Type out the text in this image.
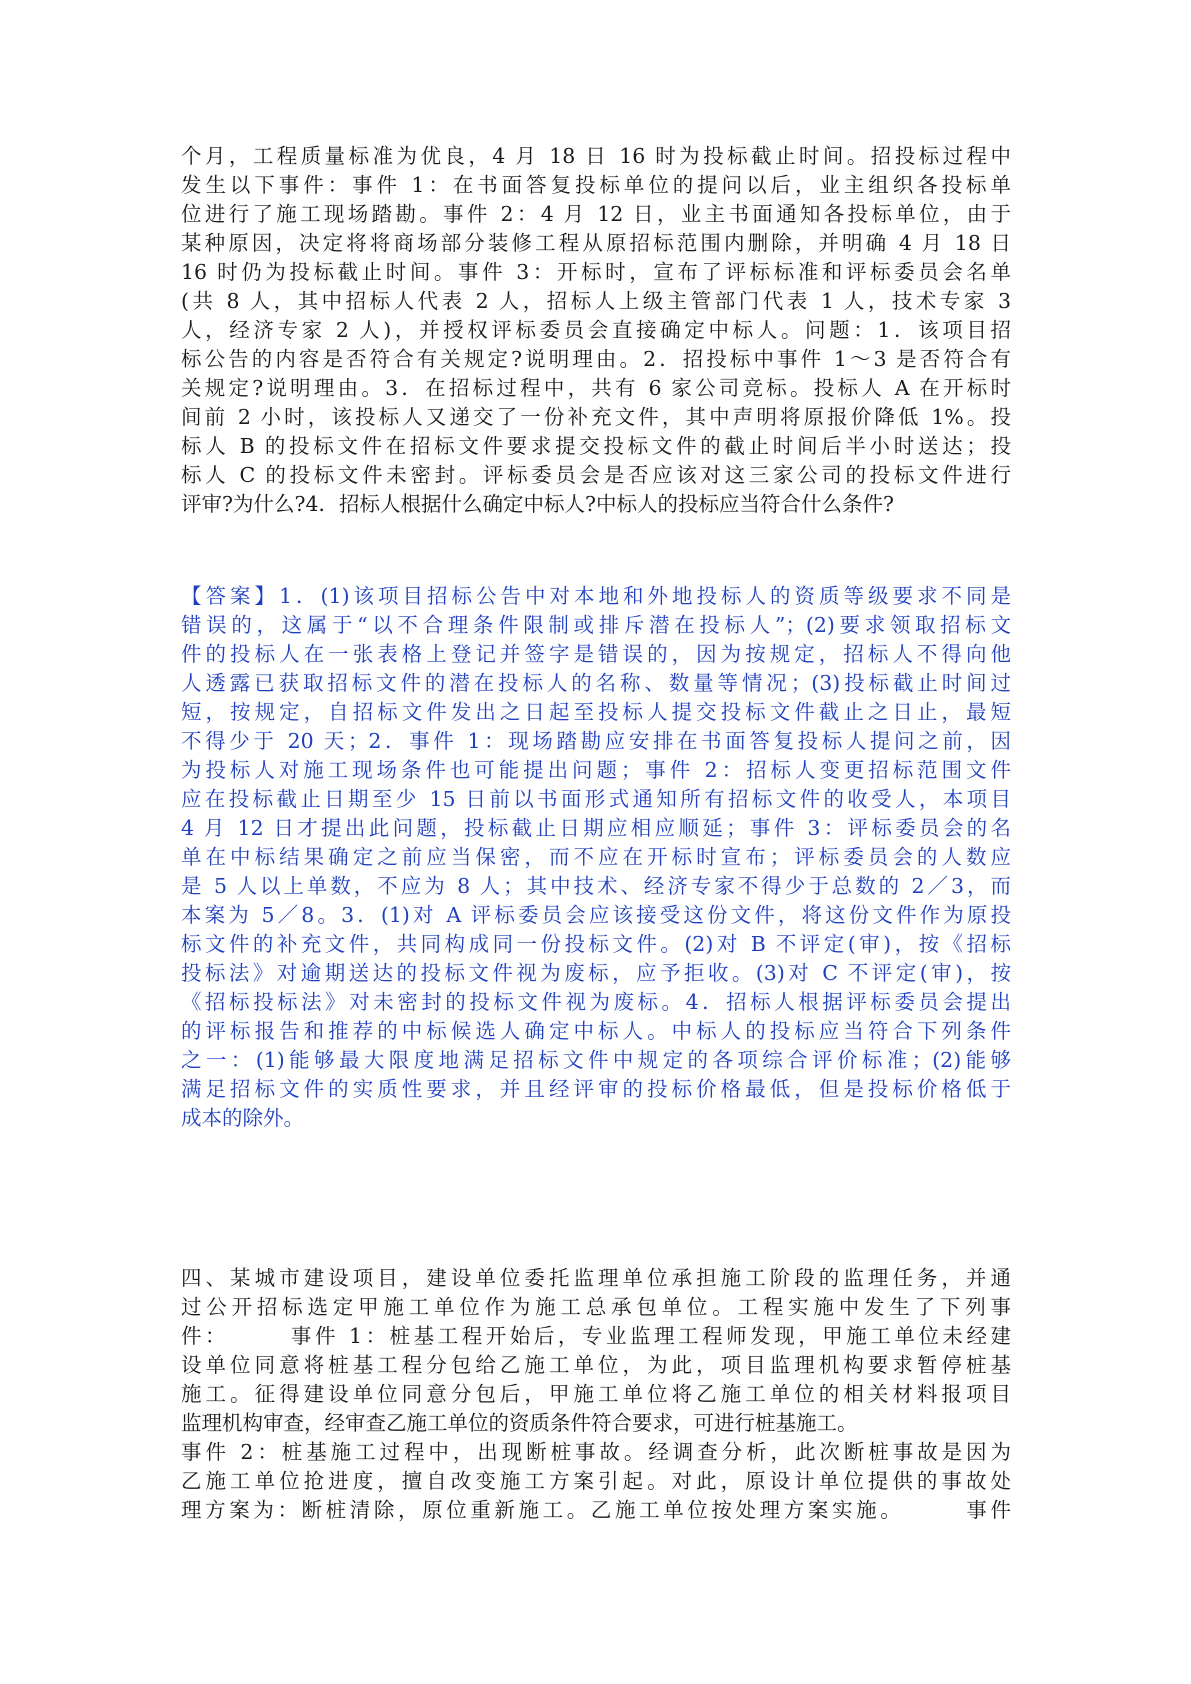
个月，工程质量标准为优良，4 月 18 日 16 时为投标截止时间。招投标过程中
发生以下事件：事件 1：在书面答复投标单位的提问以后，业主组织各投标单
位进行了施工现场踏勘。事件 2：4 月 12 日，业主书面通知各投标单位，由于
某种原因，决定将将商场部分装修工程从原招标范围内删除，并明确 4 月 18 日
16 时仍为投标截止时间。事件 3：开标时，宣布了评标标准和评标委员会名单
(共 8 人，其中招标人代表 2 人，招标人上级主管部门代表 1 人，技术专家 3
人，经济专家 2 人)，并授权评标委员会直接确定中标人。问题：1．该项目招
标公告的内容是否符合有关规定?说明理由。2．招投标中事件 1～3 是否符合有
关规定?说明理由。3．在招标过程中，共有 6 家公司竞标。投标人 A 在开标时
间前 2 小时，该投标人又递交了一份补充文件，其中声明将原报价降低 1%。投
标人 B 的投标文件在招标文件要求提交投标文件的截止时间后半小时送达；投
标人 C 的投标文件未密封。评标委员会是否应该对这三家公司的投标文件进行
评审?为什么?4．招标人根据什么确定中标人?中标人的投标应当符合什么条件?
【答案】1．(1)该项目招标公告中对本地和外地投标人的资质等级要求不同是
错误的，这属于“以不合理条件限制或排斥潜在投标人”；(2)要求领取招标文
件的投标人在一张表格上登记并签字是错误的，因为按规定，招标人不得向他
人透露已获取招标文件的潜在投标人的名称、数量等情况；(3)投标截止时间过
短，按规定，自招标文件发出之日起至投标人提交投标文件截止之日止，最短
不得少于 20 天；2．事件 1：现场踏勘应安排在书面答复投标人提问之前，因
为投标人对施工现场条件也可能提出问题；事件 2：招标人变更招标范围文件
应在投标截止日期至少 15 日前以书面形式通知所有招标文件的收受人，本项目
4 月 12 日才提出此问题，投标截止日期应相应顺延；事件 3：评标委员会的名
单在中标结果确定之前应当保密，而不应在开标时宣布；评标委员会的人数应
是 5 人以上单数，不应为 8 人；其中技术、经济专家不得少于总数的 2／3，而
本案为 5／8。3．(1)对 A 评标委员会应该接受这份文件，将这份文件作为原投
标文件的补充文件，共同构成同一份投标文件。(2)对 B 不评定(审)，按《招标
投标法》对逾期送达的投标文件视为废标，应予拒收。(3)对 C 不评定(审)，按
《招标投标法》对未密封的投标文件视为废标。4．招标人根据评标委员会提出
的评标报告和推荐的中标候选人确定中标人。中标人的投标应当符合下列条件
之一：(1)能够最大限度地满足招标文件中规定的各项综合评价标准；(2)能够
满足招标文件的实质性要求，并且经评审的投标价格最低，但是投标价格低于
成本的除外。
四、某城市建设项目，建设单位委托监理单位承担施工阶段的监理任务，并通
过公开招标选定甲施工单位作为施工总承包单位。工程实施中发生了下列事
件：　　　事件 1：桩基工程开始后，专业监理工程师发现，甲施工单位未经建
设单位同意将桩基工程分包给乙施工单位，为此，项目监理机构要求暂停桩基
施工。征得建设单位同意分包后，甲施工单位将乙施工单位的相关材料报项目
监理机构审查，经审查乙施工单位的资质条件符合要求，可进行桩基施工。
事件 2：桩基施工过程中，出现断桩事故。经调查分析，此次断桩事故是因为
乙施工单位抢进度，擅自改变施工方案引起。对此，原设计单位提供的事故处
理方案为：断桩清除，原位重新施工。乙施工单位按处理方案实施。　　　事件
